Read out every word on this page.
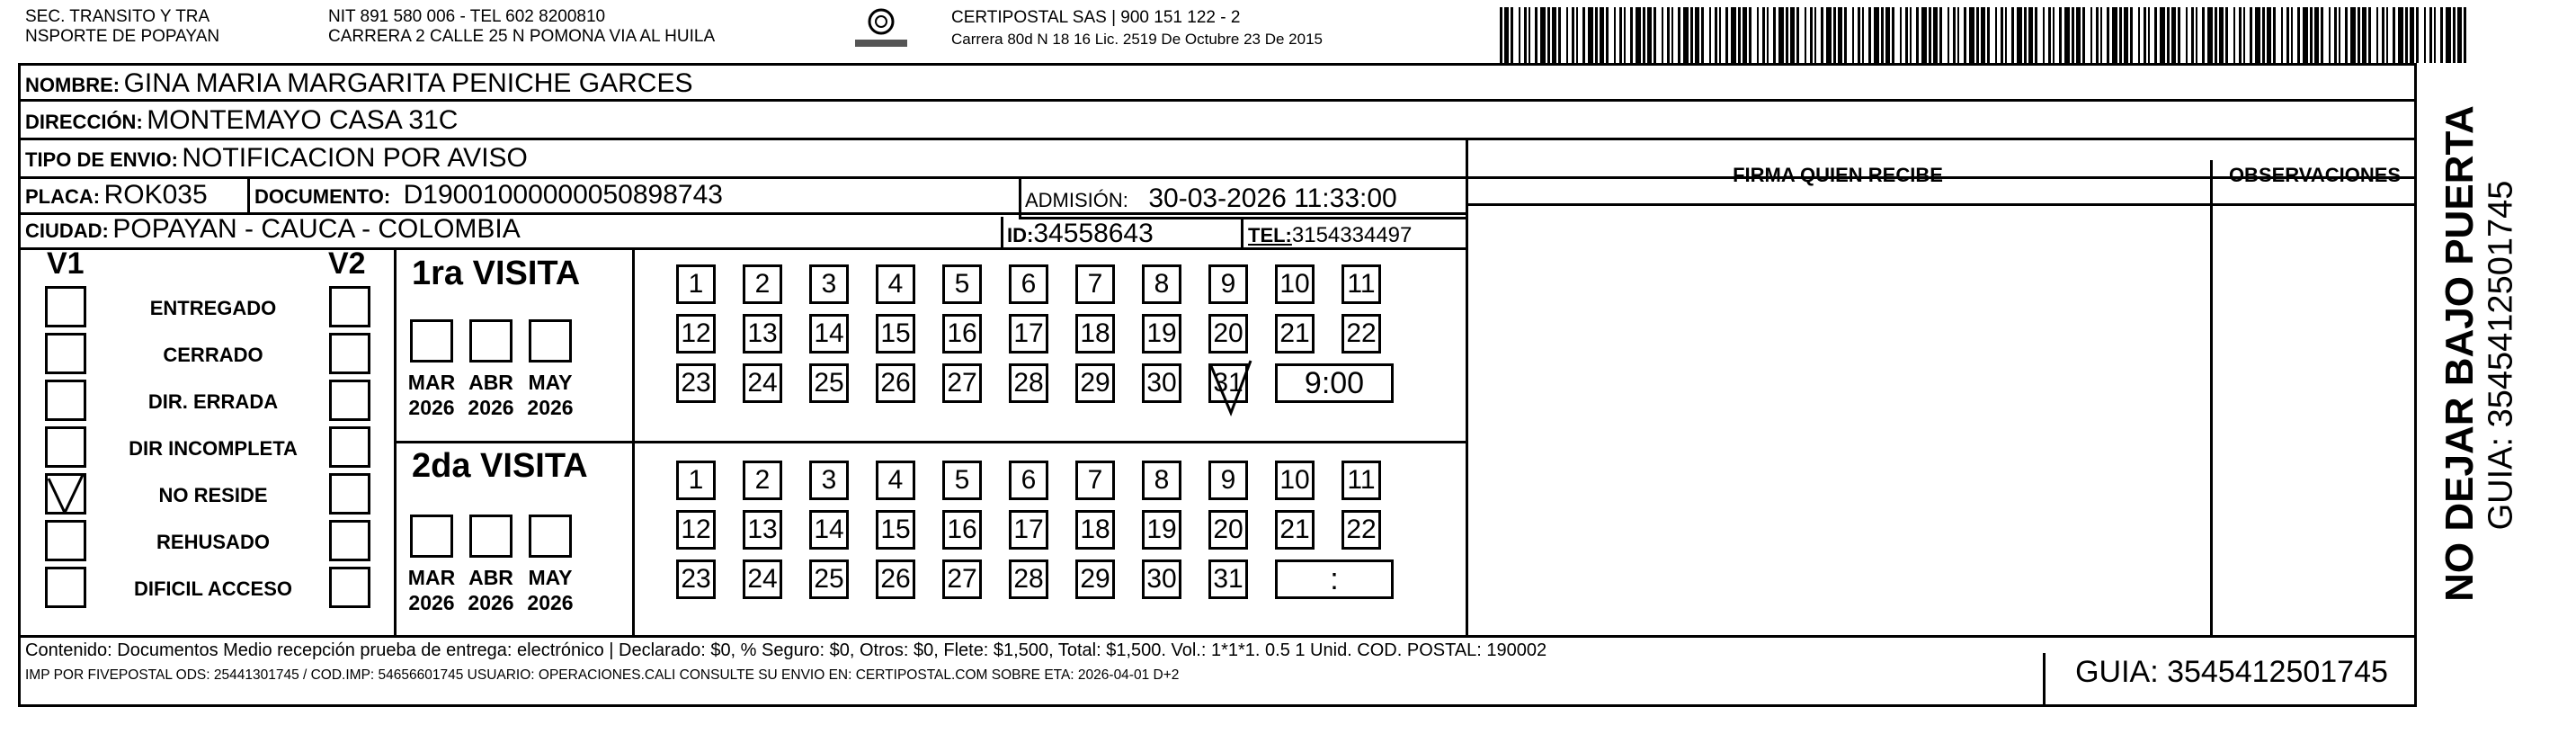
SEC. TRANSITO Y TRA
NSPORTE DE POPAYAN
NIT 891 580 006 - TEL 602 8200810
CARRERA 2 CALLE 25 N POMONA VIA AL HUILA
CERTIPOSTAL SAS | 900 151 122 - 2
Carrera 80d N 18 16 Lic. 2519 De Octubre 23 De 2015
NOMBRE: GINA MARIA MARGARITA PENICHE GARCES
DIRECCIÓN: MONTEMAYO CASA 31C
TIPO DE ENVIO: NOTIFICACION POR AVISO
PLACA: ROK035 DOCUMENTO: D19001000000050898743	ADMISIÓN: 30-03-2026 11:33:00
CIUDAD: POPAYAN - CAUCA - COLOMBIA	ID:34558643	TEL:3154334497
FIRMA QUIEN RECIBE	OBSERVACIONES
V1	V2
ENTREGADO
CERRADO
DIR. ERRADA
DIR INCOMPLETA
NO RESIDE
REHUSADO
DIFICIL ACCESO
1ra VISITA
2da VISITA
MAR
2026
ABR
2026
MAY
2026
MAR
2026
ABR
2026
MAY
2026
1	2	3	4	5	6	7	8	9	10 11
12 13 14 15 16 17 18 19 20 21 22
23 24 25 26 27 28 29 30 31	9:00
1	2	3	4	5	6	7	8	9	10 11
12 13 14 15 16 17 18 19 20 21 22
23 24 25 26 27 28 29 30 31	:
Contenido: Documentos Medio recepción prueba de entrega: electrónico | Declarado: $0, % Seguro: $0, Otros: $0, Flete: $1,500, Total: $1,500. Vol.: 1*1*1. 0.5 1 Unid. COD. POSTAL: 190002
IMP POR FIVEPOSTAL ODS: 25441301745 / COD.IMP: 54656601745 USUARIO: OPERACIONES.CALI CONSULTE SU ENVIO EN: CERTIPOSTAL.COM SOBRE ETA: 2026-04-01 D+2	GUIA: 3545412501745
NO DEJAR BAJO PUERTA GUIA: 3545412501745
